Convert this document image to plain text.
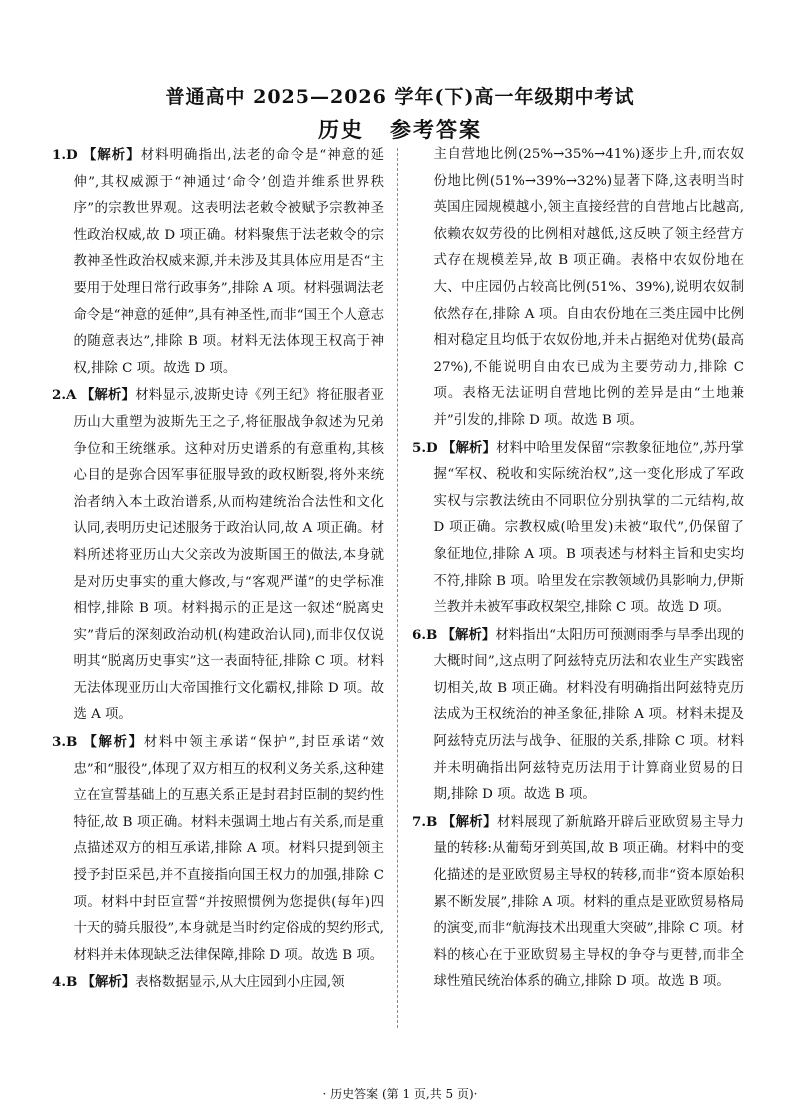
普通高中 2025—2026 学年(下)高一年级期中考试
历史 参考答案

1.D 【解析】材料明确指出,法老的命令是“神意的延伸”,其权威源于“神通过‘命令’创造并维系世界秩序”的宗教世界观。这表明法老敕令被赋予宗教神圣性政治权威,故 D 项正确。材料聚焦于法老敕令的宗教神圣性政治权威来源,并未涉及其具体应用是否“主要用于处理日常行政事务”,排除 A 项。材料强调法老命令是“神意的延伸”,具有神圣性,而非“国王个人意志的随意表达”,排除 B 项。材料无法体现王权高于神权,排除 C 项。故选 D 项。

2.A 【解析】材料显示,波斯史诗《列王纪》将征服者亚历山大重塑为波斯先王之子,将征服战争叙述为兄弟争位和王统继承。这种对历史谱系的有意重构,其核心目的是弥合因军事征服导致的政权断裂,将外来统治者纳入本土政治谱系,从而构建统治合法性和文化认同,表明历史记述服务于政治认同,故 A 项正确。材料所述将亚历山大父亲改为波斯国王的做法,本身就是对历史事实的重大修改,与“客观严谨”的史学标准相悖,排除 B 项。材料揭示的正是这一叙述“脱离史实”背后的深刻政治动机(构建政治认同),而非仅仅说明其“脱离历史事实”这一表面特征,排除 C 项。材料无法体现亚历山大帝国推行文化霸权,排除 D 项。故选 A 项。

3.B 【解析】材料中领主承诺“保护”,封臣承诺“效忠”和“服役”,体现了双方相互的权利义务关系,这种建立在宣誓基础上的互惠关系正是封君封臣制的契约性特征,故 B 项正确。材料未强调土地占有关系,而是重点描述双方的相互承诺,排除 A 项。材料只提到领主授予封臣采邑,并不直接指向国王权力的加强,排除 C 项。材料中封臣宣誓“并按照惯例为您提供(每年)四十天的骑兵服役”,本身就是当时约定俗成的契约形式,材料并未体现缺乏法律保障,排除 D 项。故选 B 项。

4.B 【解析】表格数据显示,从大庄园到小庄园,领

主自营地比例(25%→35%→41%)逐步上升,而农奴份地比例(51%→39%→32%)显著下降,这表明当时英国庄园规模越小,领主直接经营的自营地占比越高,依赖农奴劳役的比例相对越低,这反映了领主经营方式存在规模差异,故 B 项正确。表格中农奴份地在大、中庄园仍占较高比例(51%、39%),说明农奴制依然存在,排除 A 项。自由农份地在三类庄园中比例相对稳定且均低于农奴份地,并未占据绝对优势(最高 27%),不能说明自由农已成为主要劳动力,排除 C 项。表格无法证明自营地比例的差异是由“土地兼并”引发的,排除 D 项。故选 B 项。

5.D 【解析】材料中哈里发保留“宗教象征地位”,苏丹掌握“军权、税收和实际统治权”,这一变化形成了军政实权与宗教法统由不同职位分别执掌的二元结构,故 D 项正确。宗教权威(哈里发)未被“取代”,仍保留了象征地位,排除 A 项。B 项表述与材料主旨和史实均不符,排除 B 项。哈里发在宗教领域仍具影响力,伊斯兰教并未被军事政权架空,排除 C 项。故选 D 项。

6.B 【解析】材料指出“太阳历可预测雨季与旱季出现的大概时间”,这点明了阿兹特克历法和农业生产实践密切相关,故 B 项正确。材料没有明确指出阿兹特克历法成为王权统治的神圣象征,排除 A 项。材料未提及阿兹特克历法与战争、征服的关系,排除 C 项。材料并未明确指出阿兹特克历法用于计算商业贸易的日期,排除 D 项。故选 B 项。

7.B 【解析】材料展现了新航路开辟后亚欧贸易主导力量的转移:从葡萄牙到英国,故 B 项正确。材料中的变化描述的是亚欧贸易主导权的转移,而非“资本原始积累不断发展”,排除 A 项。材料的重点是亚欧贸易格局的演变,而非“航海技术出现重大突破”,排除 C 项。材料的核心在于亚欧贸易主导权的争夺与更替,而非全球性殖民统治体系的确立,排除 D 项。故选 B 项。

· 历史答案 (第 1 页,共 5 页)·
